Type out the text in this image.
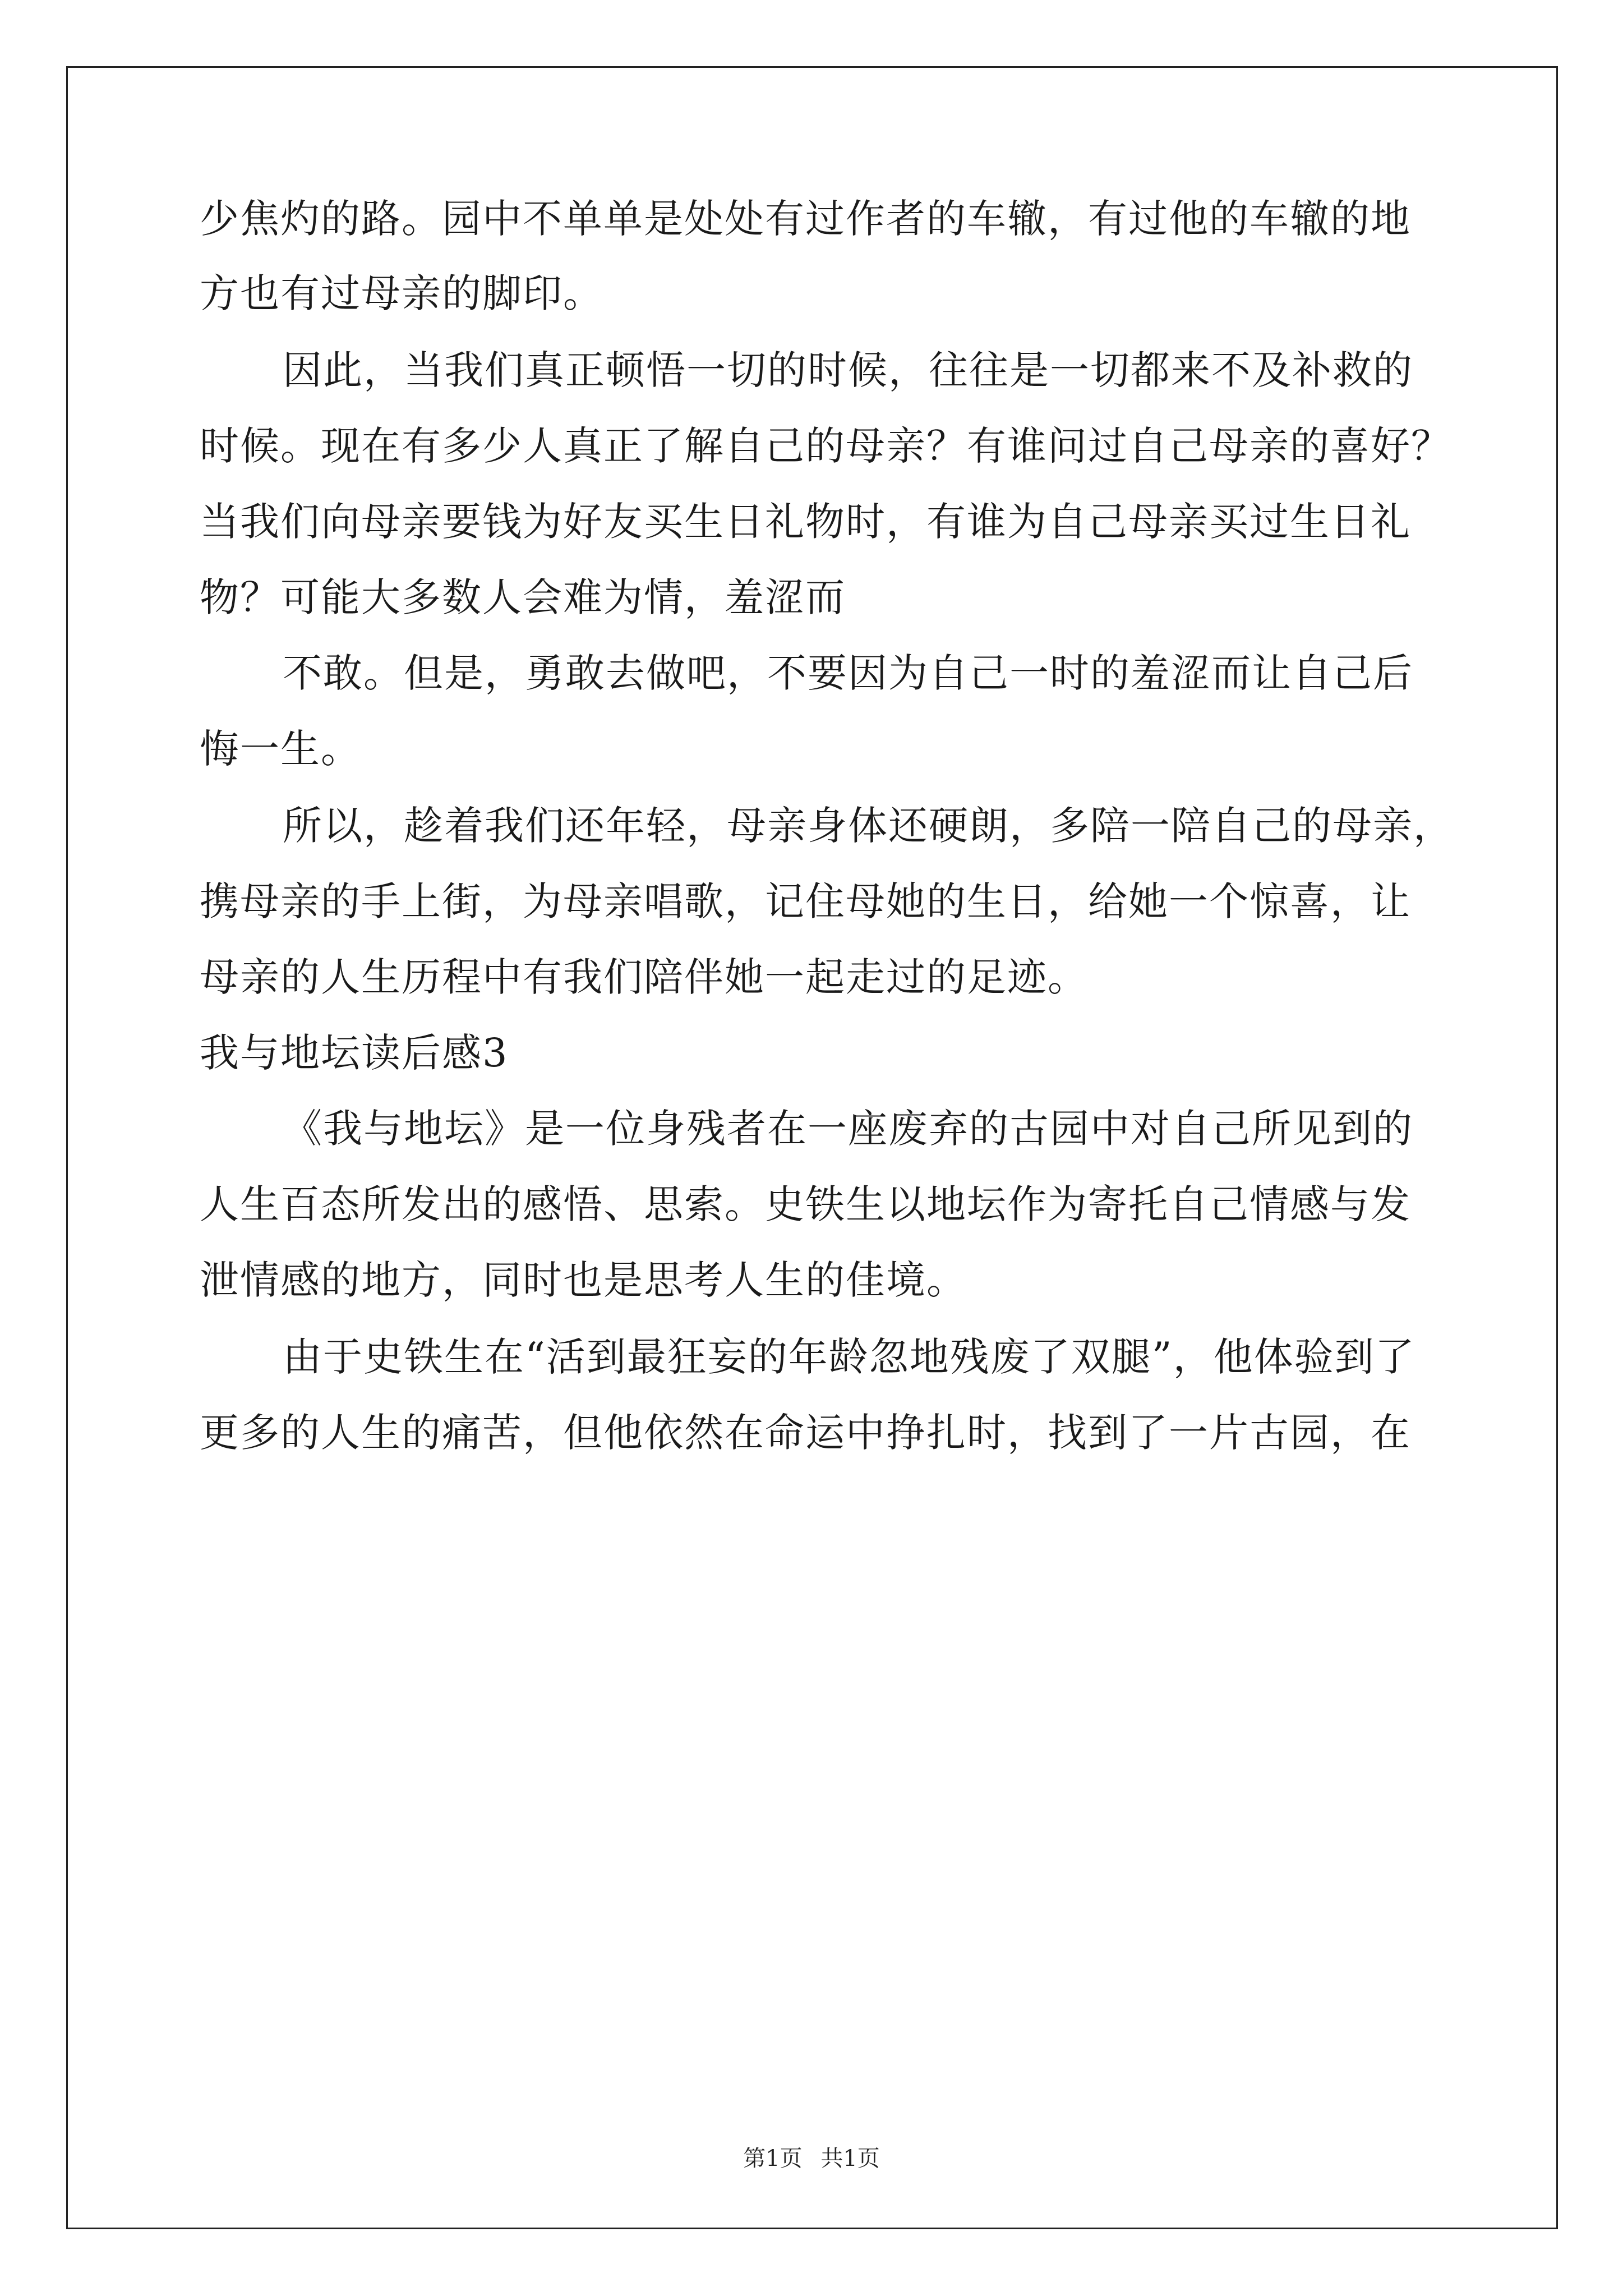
少焦灼的路。园中不单单是处处有过作者的车辙，有过他的车辙的地
方也有过母亲的脚印。
因此，当我们真正顿悟一切的时候，往往是一切都来不及补救的
时候。现在有多少人真正了解自己的母亲？有谁问过自己母亲的喜好？
当我们向母亲要钱为好友买生日礼物时，有谁为自己母亲买过生日礼
物？可能大多数人会难为情，羞涩而
不敢。但是，勇敢去做吧，不要因为自己一时的羞涩而让自己后
悔一生。
所以，趁着我们还年轻，母亲身体还硬朗，多陪一陪自己的母亲，
携母亲的手上街，为母亲唱歌，记住母她的生日，给她一个惊喜，让
母亲的人生历程中有我们陪伴她一起走过的足迹。
我与地坛读后感3
《我与地坛》是一位身残者在一座废弃的古园中对自己所见到的
人生百态所发出的感悟、思索。史铁生以地坛作为寄托自己情感与发
泄情感的地方，同时也是思考人生的佳境。
由于史铁生在“活到最狂妄的年龄忽地残废了双腿”，他体验到了
更多的人生的痛苦，但他依然在命运中挣扎时，找到了一片古园，在
第1页 共1页
